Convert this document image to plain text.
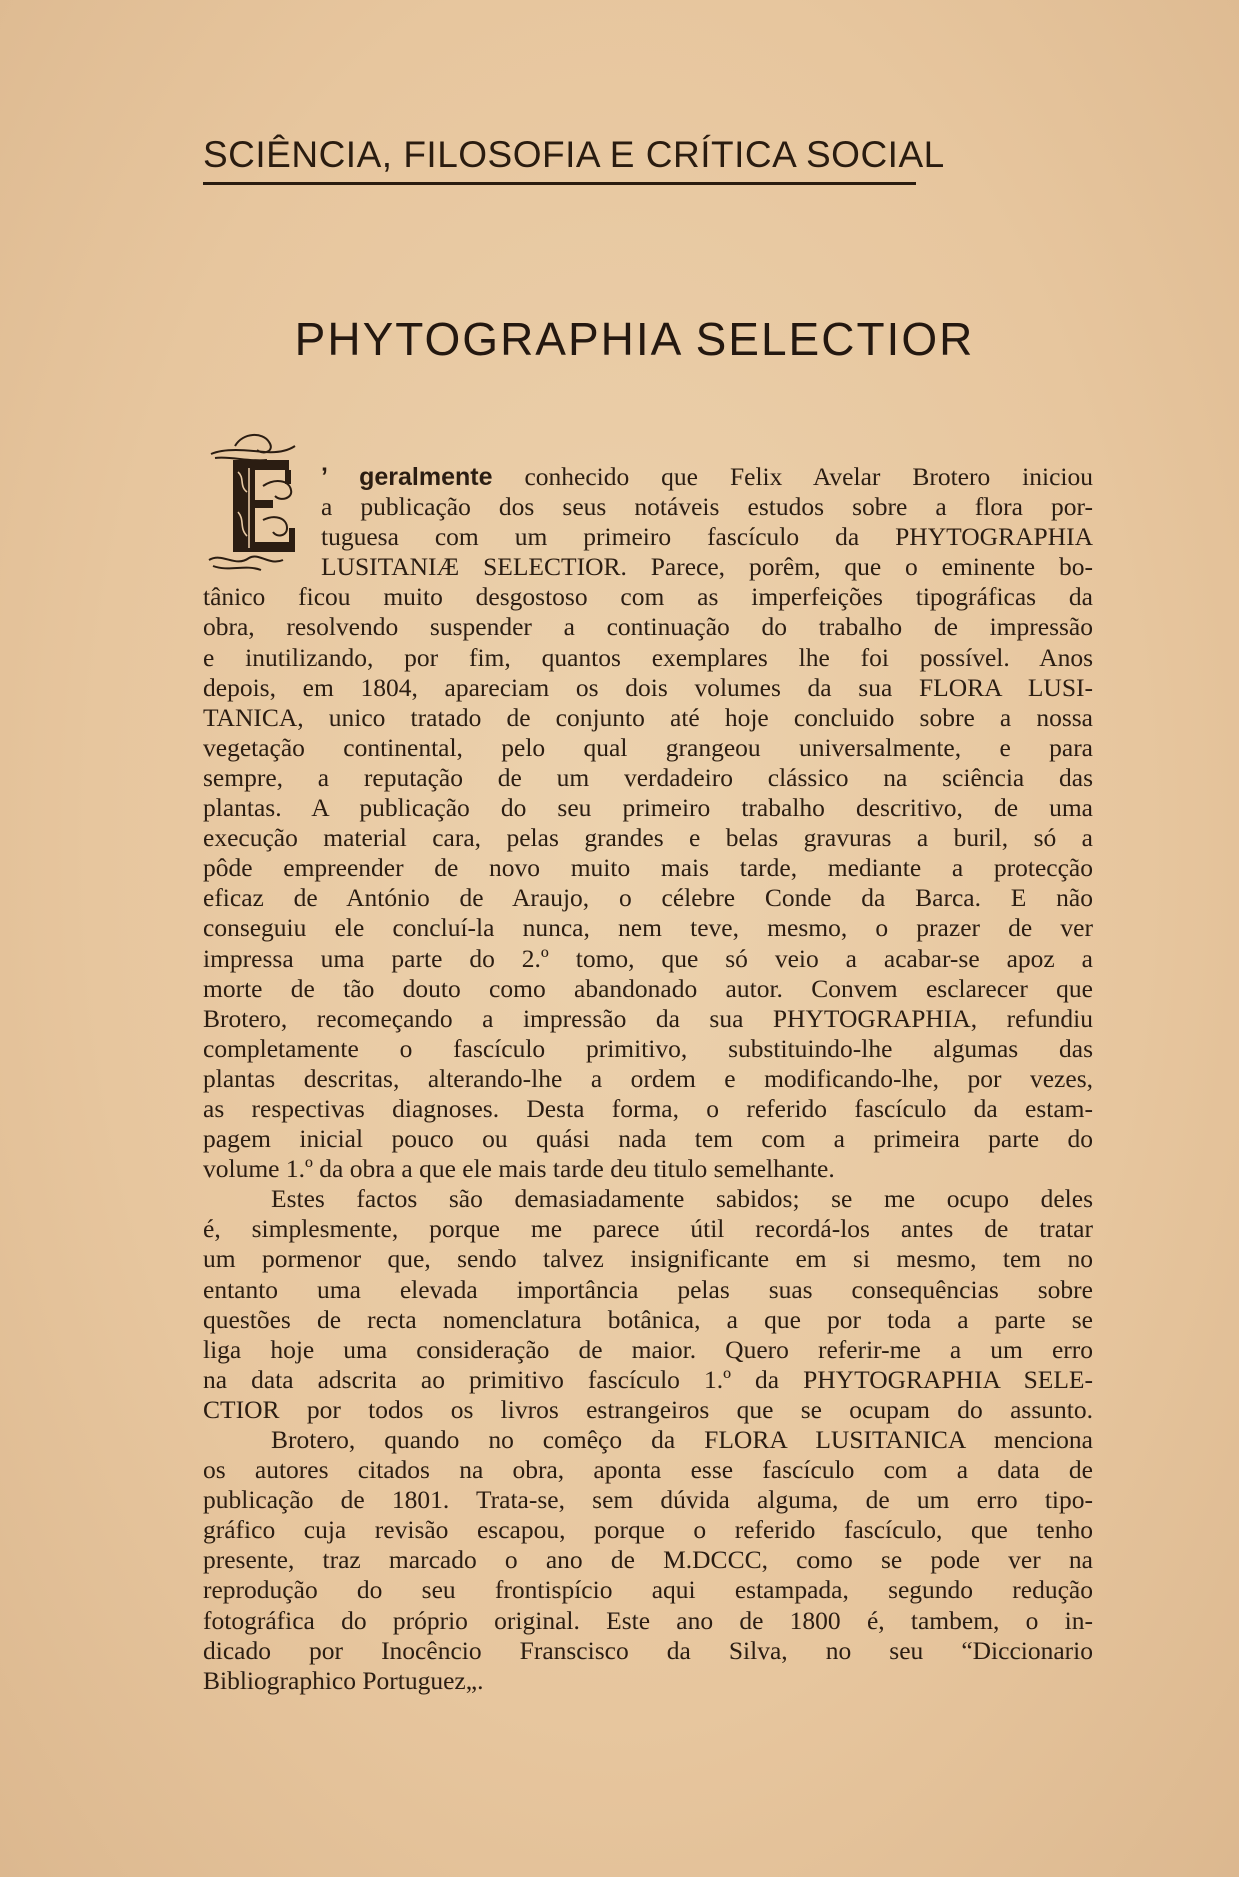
SCIÊNCIA, FILOSOFIA E CRÍTICA SOCIAL
PHYTOGRAPHIA SELECTIOR
’ geralmente conhecido que Felix Avelar Brotero iniciou
a publicação dos seus notáveis estudos sobre a flora por-
tuguesa com um primeiro fascículo da PHYTOGRAPHIA
LUSITANIÆ SELECTIOR. Parece, porêm, que o eminente bo-
tânico ficou muito desgostoso com as imperfeições tipográficas da
obra, resolvendo suspender a continuação do trabalho de impressão
e inutilizando, por fim, quantos exemplares lhe foi possível. Anos
depois, em 1804, apareciam os dois volumes da sua FLORA LUSI-
TANICA, unico tratado de conjunto até hoje concluido sobre a nossa
vegetação continental, pelo qual grangeou universalmente, e para
sempre, a reputação de um verdadeiro clássico na sciência das
plantas. A publicação do seu primeiro trabalho descritivo, de uma
execução material cara, pelas grandes e belas gravuras a buril, só a
pôde empreender de novo muito mais tarde, mediante a protecção
eficaz de António de Araujo, o célebre Conde da Barca. E não
conseguiu ele concluí-la nunca, nem teve, mesmo, o prazer de ver
impressa uma parte do 2.º tomo, que só veio a acabar-se apoz a
morte de tão douto como abandonado autor. Convem esclarecer que
Brotero, recomeçando a impressão da sua PHYTOGRAPHIA, refundiu
completamente o fascículo primitivo, substituindo-lhe algumas das
plantas descritas, alterando-lhe a ordem e modificando-lhe, por vezes,
as respectivas diagnoses. Desta forma, o referido fascículo da estam-
pagem inicial pouco ou quási nada tem com a primeira parte do
volume 1.º da obra a que ele mais tarde deu titulo semelhante.
Estes factos são demasiadamente sabidos; se me ocupo deles
é, simplesmente, porque me parece útil recordá-los antes de tratar
um pormenor que, sendo talvez insignificante em si mesmo, tem no
entanto uma elevada importância pelas suas consequências sobre
questões de recta nomenclatura botânica, a que por toda a parte se
liga hoje uma consideração de maior. Quero referir-me a um erro
na data adscrita ao primitivo fascículo 1.º da PHYTOGRAPHIA SELE-
CTIOR por todos os livros estrangeiros que se ocupam do assunto.
Brotero, quando no comêço da FLORA LUSITANICA menciona
os autores citados na obra, aponta esse fascículo com a data de
publicação de 1801. Trata-se, sem dúvida alguma, de um erro tipo-
gráfico cuja revisão escapou, porque o referido fascículo, que tenho
presente, traz marcado o ano de M.DCCC, como se pode ver na
reprodução do seu frontispício aqui estampada, segundo redução
fotográfica do próprio original. Este ano de 1800 é, tambem, o in-
dicado por Inocêncio Franscisco da Silva, no seu “Diccionario
Bibliographico Portuguez„.
